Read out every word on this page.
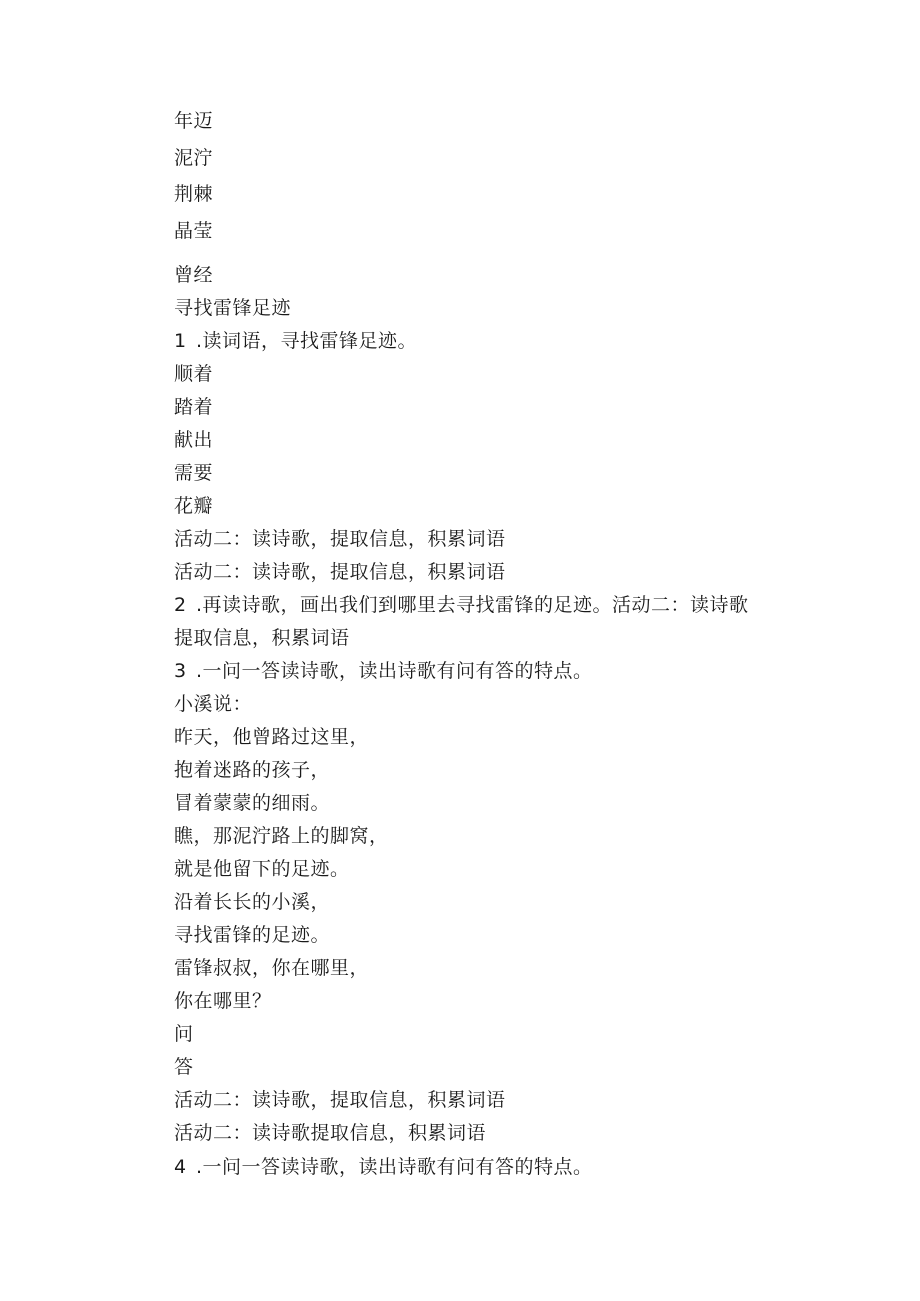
年迈
泥泞
荆棘
晶莹
曾经
寻找雷锋足迹
1 .读词语，寻找雷锋足迹。
顺着
踏着
献出
需要
花瓣
活动二：读诗歌，提取信息，积累词语
活动二：读诗歌，提取信息，积累词语
2 .再读诗歌，画出我们到哪里去寻找雷锋的足迹。活动二：读诗歌
提取信息，积累词语
3 .一问一答读诗歌，读出诗歌有问有答的特点。
小溪说：
昨天，他曾路过这里，
抱着迷路的孩子，
冒着蒙蒙的细雨。
瞧，那泥泞路上的脚窝，
就是他留下的足迹。
沿着长长的小溪，
寻找雷锋的足迹。
雷锋叔叔，你在哪里，
你在哪里？
问
答
活动二：读诗歌，提取信息，积累词语
活动二：读诗歌提取信息，积累词语
4 .一问一答读诗歌，读出诗歌有问有答的特点。
